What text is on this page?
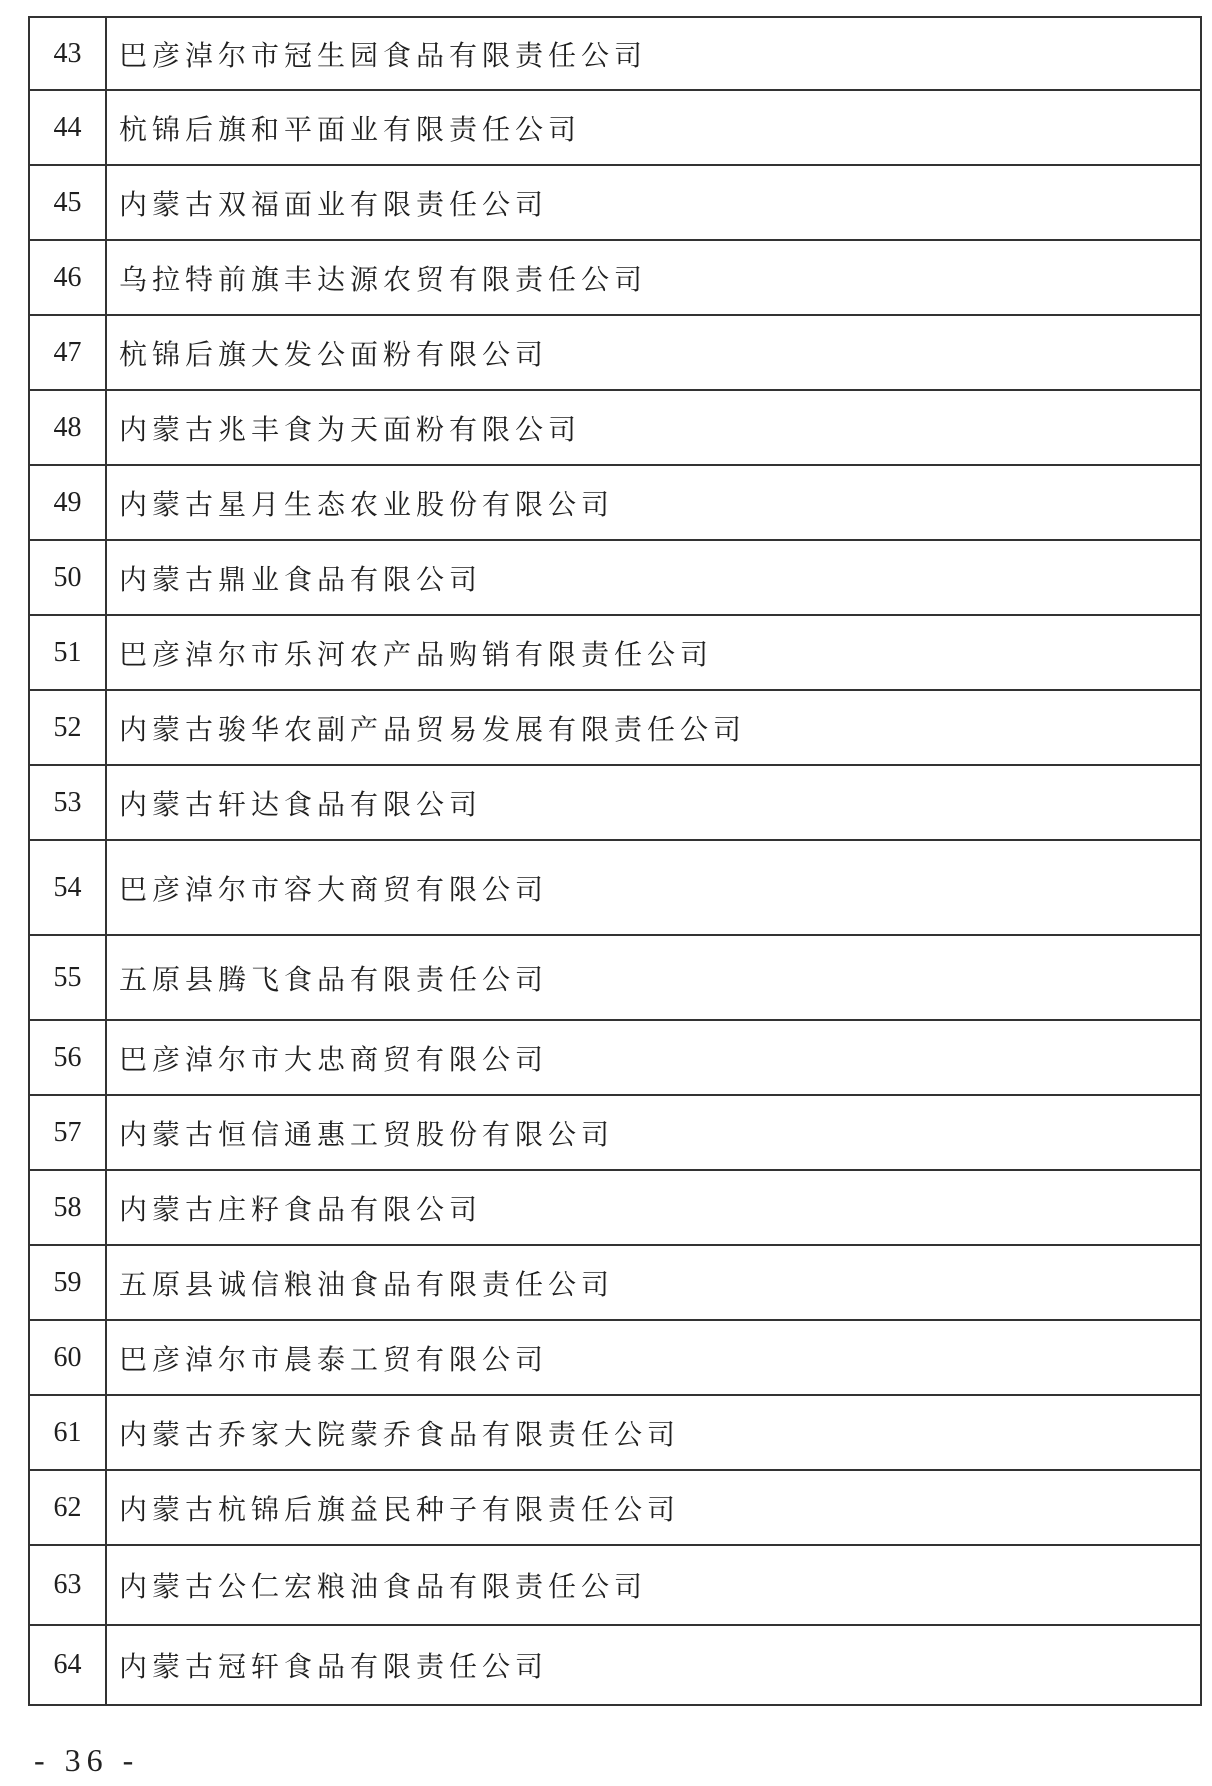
43	巴彦淖尔市冠生园食品有限责任公司
44	杭锦后旗和平面业有限责任公司
45	内蒙古双福面业有限责任公司
46	乌拉特前旗丰达源农贸有限责任公司
47	杭锦后旗大发公面粉有限公司
48	内蒙古兆丰食为天面粉有限公司
49	内蒙古星月生态农业股份有限公司
50	内蒙古鼎业食品有限公司
51	巴彦淖尔市乐河农产品购销有限责任公司
52	内蒙古骏华农副产品贸易发展有限责任公司
53	内蒙古轩达食品有限公司
54	巴彦淖尔市容大商贸有限公司
55	五原县腾飞食品有限责任公司
56	巴彦淖尔市大忠商贸有限公司
57	内蒙古恒信通惠工贸股份有限公司
58	内蒙古庄籽食品有限公司
59	五原县诚信粮油食品有限责任公司
60	巴彦淖尔市晨泰工贸有限公司
61	内蒙古乔家大院蒙乔食品有限责任公司
62	内蒙古杭锦后旗益民种子有限责任公司
63	内蒙古公仁宏粮油食品有限责任公司
64	内蒙古冠轩食品有限责任公司
- 36 -
